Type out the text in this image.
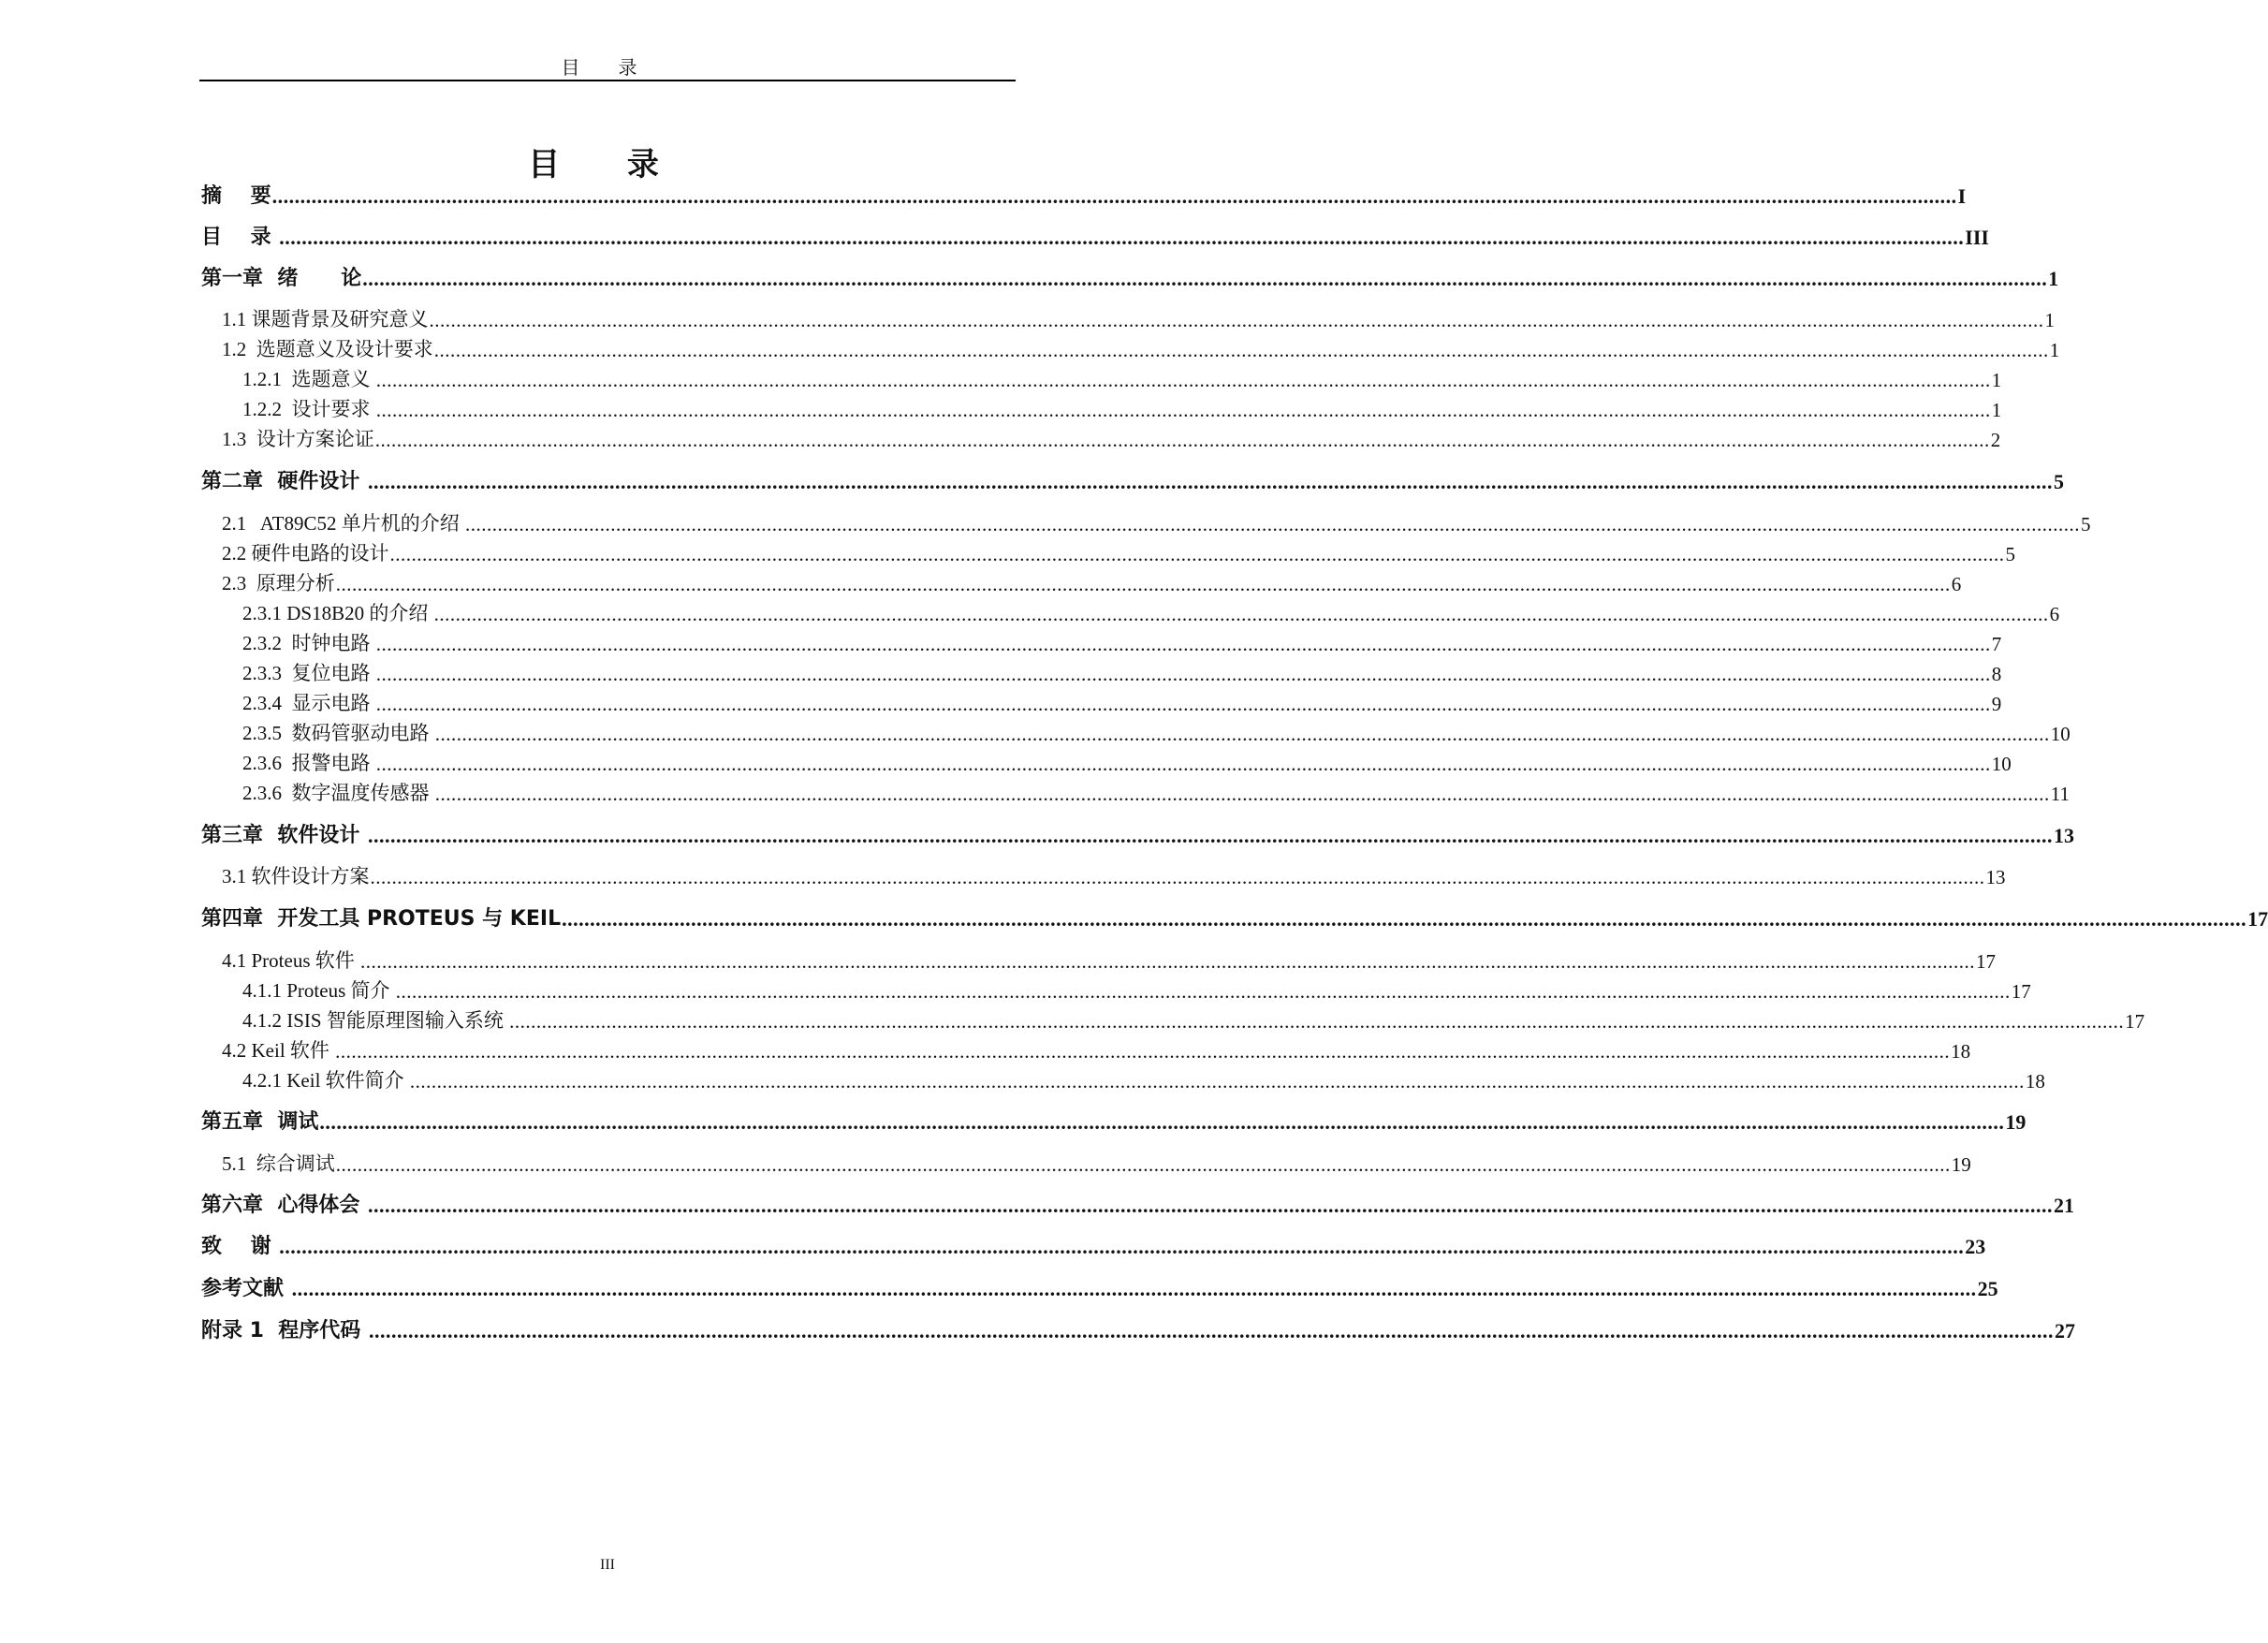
目 录
目 录
摘    要 ............................................................................................................................................................................................................................................................................................................ I
目    录 ............................................................................................................................................................................................................................................................................................................ III
第一章  绪      论 ............................................................................................................................................................................................................................................................................................................ 1
1.1 课题背景及研究意义 ............................................................................................................................................................................................................................................................................................................ 1
1.2  选题意义及设计要求 ............................................................................................................................................................................................................................................................................................................ 1
1.2.1  选题意义 ............................................................................................................................................................................................................................................................................................................ 1
1.2.2  设计要求 ............................................................................................................................................................................................................................................................................................................ 1
1.3  设计方案论证 ............................................................................................................................................................................................................................................................................................................ 2
第二章  硬件设计 ............................................................................................................................................................................................................................................................................................................ 5
2.1   AT89C52 单片机的介绍 ............................................................................................................................................................................................................................................................................................................ 5
2.2 硬件电路的设计 ............................................................................................................................................................................................................................................................................................................ 5
2.3  原理分析 ............................................................................................................................................................................................................................................................................................................ 6
2.3.1 DS18B20 的介绍 ............................................................................................................................................................................................................................................................................................................ 6
2.3.2  时钟电路 ............................................................................................................................................................................................................................................................................................................ 7
2.3.3  复位电路 ............................................................................................................................................................................................................................................................................................................ 8
2.3.4  显示电路 ............................................................................................................................................................................................................................................................................................................ 9
2.3.5  数码管驱动电路 ............................................................................................................................................................................................................................................................................................................ 10
2.3.6  报警电路 ............................................................................................................................................................................................................................................................................................................ 10
2.3.6  数字温度传感器 ............................................................................................................................................................................................................................................................................................................ 11
第三章  软件设计 ............................................................................................................................................................................................................................................................................................................ 13
3.1 软件设计方案 ............................................................................................................................................................................................................................................................................................................ 13
第四章  开发工具 PROTEUS 与 KEIL ............................................................................................................................................................................................................................................................................................................ 17
4.1 Proteus 软件 ............................................................................................................................................................................................................................................................................................................ 17
4.1.1 Proteus 简介 ............................................................................................................................................................................................................................................................................................................ 17
4.1.2 ISIS 智能原理图输入系统 ............................................................................................................................................................................................................................................................................................................ 17
4.2 Keil 软件 ............................................................................................................................................................................................................................................................................................................ 18
4.2.1 Keil 软件简介 ............................................................................................................................................................................................................................................................................................................ 18
第五章  调试 ............................................................................................................................................................................................................................................................................................................ 19
5.1  综合调试 ............................................................................................................................................................................................................................................................................................................ 19
第六章  心得体会 ............................................................................................................................................................................................................................................................................................................ 21
致    谢 ............................................................................................................................................................................................................................................................................................................ 23
参考文献 ............................................................................................................................................................................................................................................................................................................ 25
附录 1  程序代码 ............................................................................................................................................................................................................................................................................................................ 27
III
